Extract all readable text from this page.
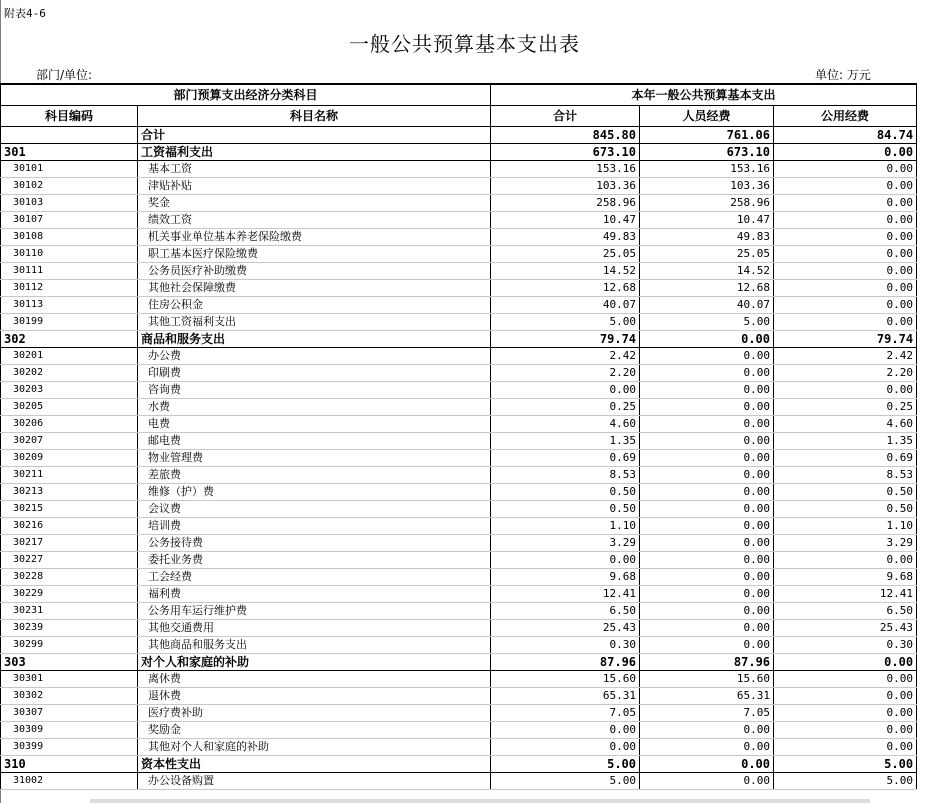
附表4-6
一般公共预算基本支出表
部门/单位:	单位: 万元
部门预算支出经济分类科目		本年一般公共预算基本支出		
科目编码	科目名称	合计	人员经费	公用经费
	合计	845.80	761.06	84.74
301	工资福利支出	673.10	673.10	0.00
30101	基本工资	153.16	153.16	0.00
30102	津贴补贴	103.36	103.36	0.00
30103	奖金	258.96	258.96	0.00
30107	绩效工资	10.47	10.47	0.00
30108	机关事业单位基本养老保险缴费	49.83	49.83	0.00
30110	职工基本医疗保险缴费	25.05	25.05	0.00
30111	公务员医疗补助缴费	14.52	14.52	0.00
30112	其他社会保障缴费	12.68	12.68	0.00
30113	住房公积金	40.07	40.07	0.00
30199	其他工资福利支出	5.00	5.00	0.00
302	商品和服务支出	79.74	0.00	79.74
30201	办公费	2.42	0.00	2.42
30202	印刷费	2.20	0.00	2.20
30203	咨询费	0.00	0.00	0.00
30205	水费	0.25	0.00	0.25
30206	电费	4.60	0.00	4.60
30207	邮电费	1.35	0.00	1.35
30209	物业管理费	0.69	0.00	0.69
30211	差旅费	8.53	0.00	8.53
30213	维修（护）费	0.50	0.00	0.50
30215	会议费	0.50	0.00	0.50
30216	培训费	1.10	0.00	1.10
30217	公务接待费	3.29	0.00	3.29
30227	委托业务费	0.00	0.00	0.00
30228	工会经费	9.68	0.00	9.68
30229	福利费	12.41	0.00	12.41
30231	公务用车运行维护费	6.50	0.00	6.50
30239	其他交通费用	25.43	0.00	25.43
30299	其他商品和服务支出	0.30	0.00	0.30
303	对个人和家庭的补助	87.96	87.96	0.00
30301	离休费	15.60	15.60	0.00
30302	退休费	65.31	65.31	0.00
30307	医疗费补助	7.05	7.05	0.00
30309	奖励金	0.00	0.00	0.00
30399	其他对个人和家庭的补助	0.00	0.00	0.00
310	资本性支出	5.00	0.00	5.00
31002	办公设备购置	5.00	0.00	5.00
